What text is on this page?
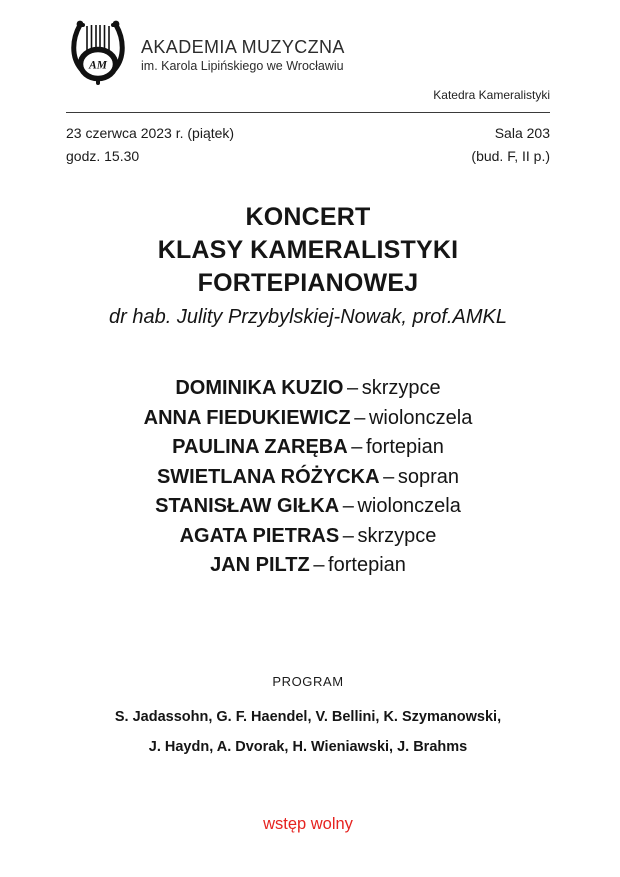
AM
AKADEMIA MUZYCZNA
im. Karola Lipińskiego we Wrocławiu
Katedra Kameralistyki
23 czerwca 2023 r. (piątek)
godz. 15.30
Sala 203
(bud. F, II p.)
KONCERT
KLASY KAMERALISTYKI
FORTEPIANOWEJ
dr hab. Julity Przybylskiej-Nowak, prof.AMKL
DOMINIKA KUZIO – skrzypce
ANNA FIEDUKIEWICZ – wiolonczela
PAULINA ZARĘBA – fortepian
SWIETLANA RÓŻYCKA – sopran
STANISŁAW GIŁKA – wiolonczela
AGATA PIETRAS – skrzypce
JAN PILTZ – fortepian
PROGRAM
S. Jadassohn, G. F. Haendel, V. Bellini, K. Szymanowski,
J. Haydn, A. Dvorak, H. Wieniawski, J. Brahms
wstęp wolny
